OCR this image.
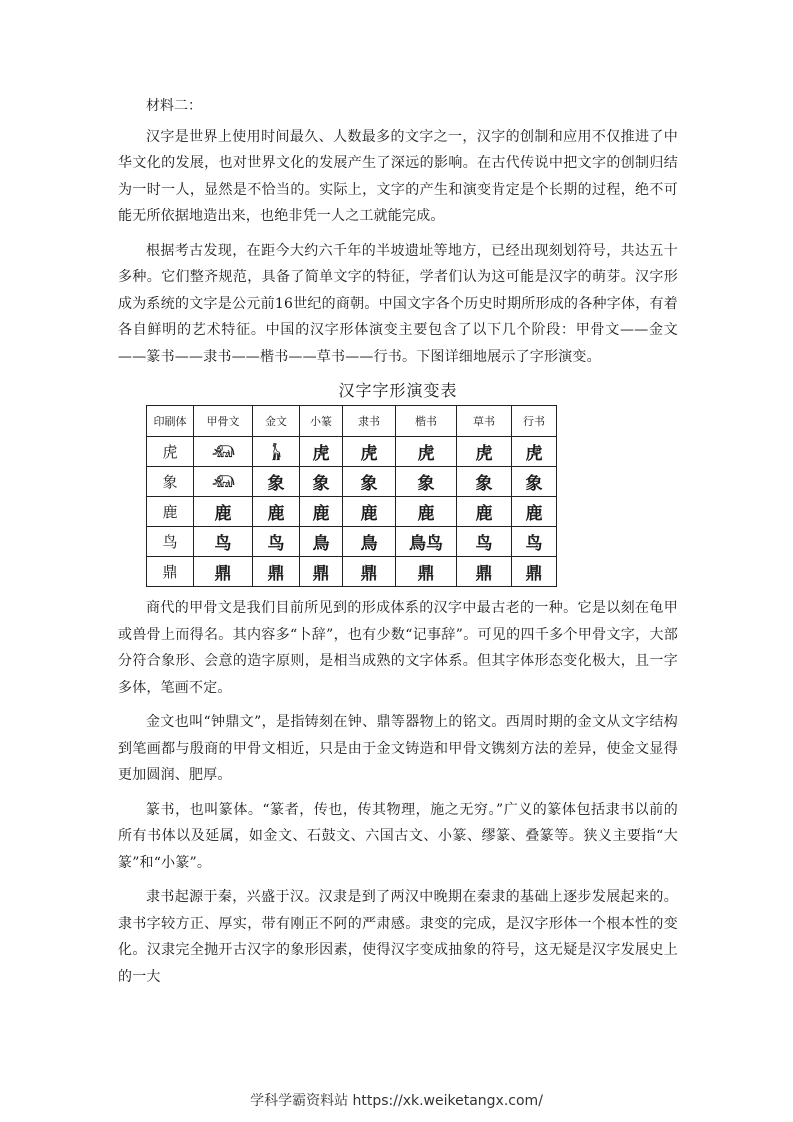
材料二：

汉字是世界上使用时间最久、人数最多的文字之一，汉字的创制和应用不仅推进了中华文化的发展，也对世界文化的发展产生了深远的影响。在古代传说中把文字的创制归结为一时一人，显然是不恰当的。实际上，文字的产生和演变肯定是个长期的过程，绝不可能无所依据地造出来，也绝非凭一人之工就能完成。

根据考古发现，在距今大约六千年的半坡遗址等地方，已经出现刻划符号，共达五十多种。它们整齐规范，具备了简单文字的特征，学者们认为这可能是汉字的萌芽。汉字形成为系统的文字是公元前16世纪的商朝。中国文字各个历史时期所形成的各种字体，有着各自鲜明的艺术特征。中国的汉字形体演变主要包含了以下几个阶段：甲骨文——金文——篆书——隶书——楷书——草书——行书。下图详细地展示了字形演变。

汉字字形演变表
印刷体	甲骨文	金文	小篆	隶书	楷书	草书	行书
虎	𓃰	𓃱	虎	虎	虎	虎	虎
象	𓃰	象	象	象	象	象	象
鹿	鹿	鹿	鹿	鹿	鹿	鹿	鹿
鸟	鸟	鸟	鳥	鳥	鳥鸟	鸟	鸟
鼎	鼎	鼎	鼎	鼎	鼎	鼎	鼎

商代的甲骨文是我们目前所见到的形成体系的汉字中最古老的一种。它是以刻在龟甲或兽骨上而得名。其内容多“卜辞”，也有少数“记事辞”。可见的四千多个甲骨文字，大部分符合象形、会意的造字原则，是相当成熟的文字体系。但其字体形态变化极大，且一字多体，笔画不定。

金文也叫“钟鼎文”，是指铸刻在钟、鼎等器物上的铭文。西周时期的金文从文字结构到笔画都与殷商的甲骨文相近，只是由于金文铸造和甲骨文镌刻方法的差异，使金文显得更加圆润、肥厚。

篆书，也叫篆体。“篆者，传也，传其物理，施之无穷。”广义的篆体包括隶书以前的所有书体以及延属，如金文、石鼓文、六国古文、小篆、缪篆、叠篆等。狭义主要指“大篆”和“小篆”。

隶书起源于秦，兴盛于汉。汉隶是到了两汉中晚期在秦隶的基础上逐步发展起来的。隶书字较方正、厚实，带有刚正不阿的严肃感。隶变的完成，是汉字形体一个根本性的变化。汉隶完全抛开古汉字的象形因素，使得汉字变成抽象的符号，这无疑是汉字发展史上的一大

学科学霸资料站 https://xk.weiketangx.com/
